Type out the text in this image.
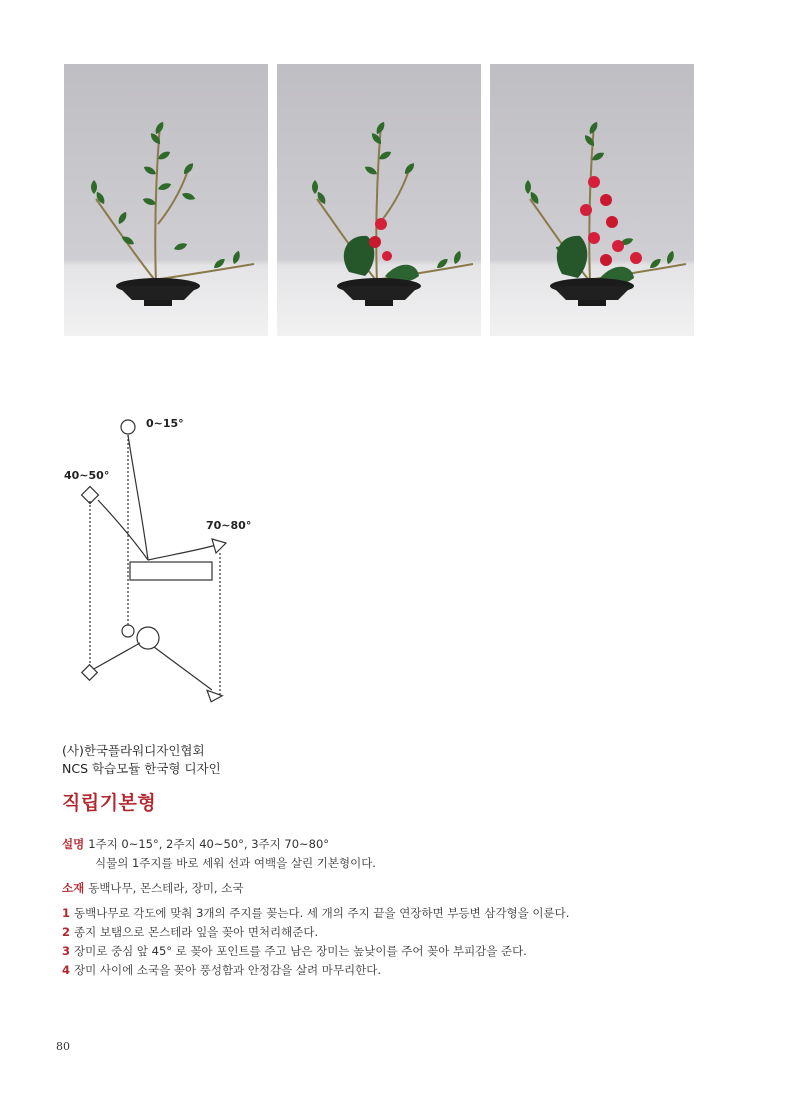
0~15°
40~50°
70~80°
(사)한국플라워디자인협회
NCS 학습모듈 한국형 디자인
직립기본형
설명 1주지 0~15°, 2주지 40~50°, 3주지 70~80°
식물의 1주지를 바로 세워 선과 여백을 살린 기본형이다.
소재 동백나무, 몬스테라, 장미, 소국
1 동백나무로 각도에 맞춰 3개의 주지를 꽂는다. 세 개의 주지 끝을 연장하면 부등변 삼각형을 이룬다.
2 종지 보탬으로 몬스테라 잎을 꽂아 면처리해준다.
3 장미로 중심 앞 45° 로 꽂아 포인트를 주고 남은 장미는 높낮이를 주어 꽂아 부피감을 준다.
4 장미 사이에 소국을 꽂아 풍성함과 안정감을 살려 마무리한다.
80
